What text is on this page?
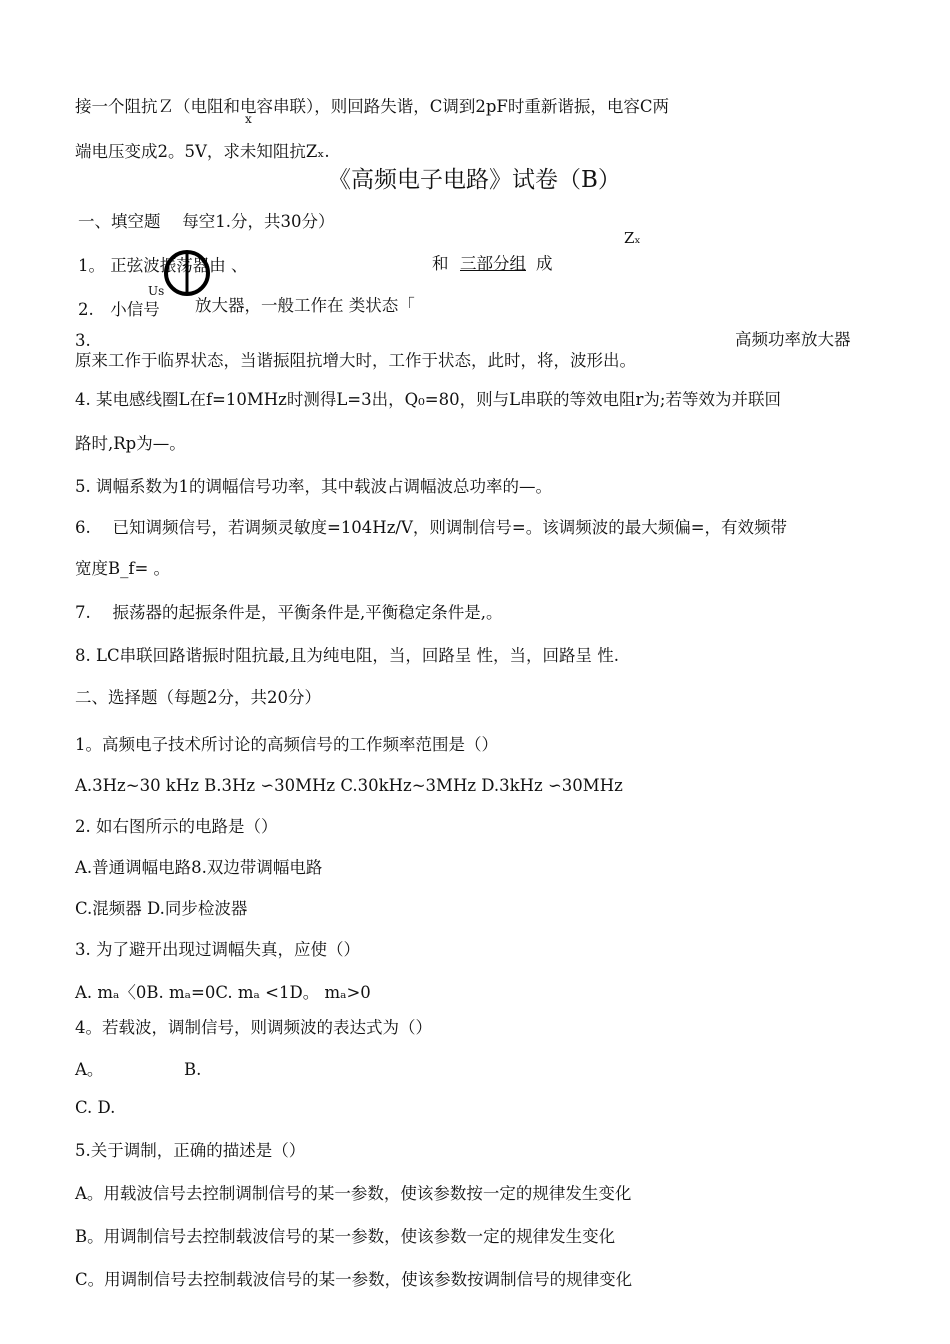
接一个阻抗Ｚ（电阻和电容串联），则回路失谐，C调到2pF时重新谐振，电容C两
x
端电压变成2。5V，求未知阻抗Zₓ.
《高频电子电路》试卷（B）
一、填空题　 每空1.分，共30分）
Zₓ
1。 正弦波振荡器由 、	和 三部分组 成
Us
2.　小信号 放大器，一般工作在 类状态「
3.	高频功率放大器
原来工作于临界状态，当谐振阻抗增大时，工作于状态，此时，将，波形出。
4. 某电感线圈L在f=10MHz时测得L=3出，Q₀=80，则与L串联的等效电阻r为;若等效为并联回
路时,Rp为—。
5. 调幅系数为1的调幅信号功率，其中载波占调幅波总功率的—。
6.　 已知调频信号，若调频灵敏度=104Hz/V，则调制信号=。该调频波的最大频偏=，有效频带
宽度B_f= 。
7.　 振荡器的起振条件是，平衡条件是,平衡稳定条件是,。
8. LC串联回路谐振时阻抗最,且为纯电阻，当，回路呈 性，当，回路呈 性.
二、选择题（每题2分，共20分）
1。高频电子技术所讨论的高频信号的工作频率范围是（）
A.3Hz~30 kHz B.3Hz ∽30MHz C.30kHz~3MHz D.3kHz ∽30MHz
2. 如右图所示的电路是（）
A.普通调幅电路8.双边带调幅电路
C.混频器 D.同步检波器
3. 为了避开出现过调幅失真，应使（）
A. mₐ〈0B. mₐ=0C. mₐ <1D。 mₐ>0
4。若载波，调制信号，则调频波的表达式为（）
A。	B.
C. D.
5.关于调制，正确的描述是（）
A。用载波信号去控制调制信号的某一参数，使该参数按一定的规律发生变化
B。用调制信号去控制载波信号的某一参数，使该参数一定的规律发生变化
C。用调制信号去控制载波信号的某一参数，使该参数按调制信号的规律变化
